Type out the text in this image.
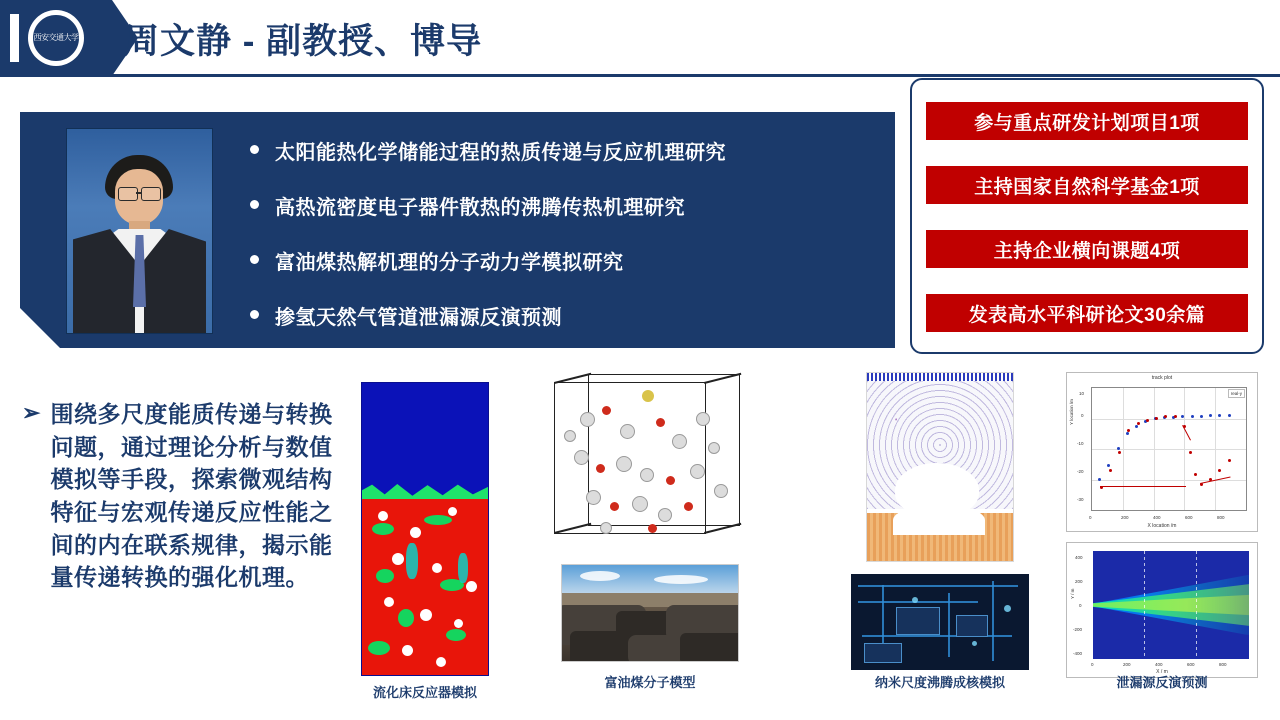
西安交通大学 周文静 - 副教授、博导
太阳能热化学储能过程的热质传递与反应机理研究
高热流密度电子器件散热的沸腾传热机理研究
富油煤热解机理的分子动力学模拟研究
掺氢天然气管道泄漏源反演预测
参与重点研发计划项目1项
主持国家自然科学基金1项
主持企业横向课题4项
发表高水平科研论文30余篇
➢ 围绕多尺度能质传递与转换问题，通过理论分析与数值模拟等手段，探索微观结构特征与宏观传递反应性能之间的内在联系规律，揭示能量传递转换的强化机理。
流化床反应器模拟
富油煤分子模型	纳米尺度沸腾成核模拟
track plot
real-y
Y location /m
X location /m
0	200	400	600	800
-30
-20
-10
0
10
Y / m
X / m
0	200	400	600	800
-400
-200
0
200
400
泄漏源反演预测
